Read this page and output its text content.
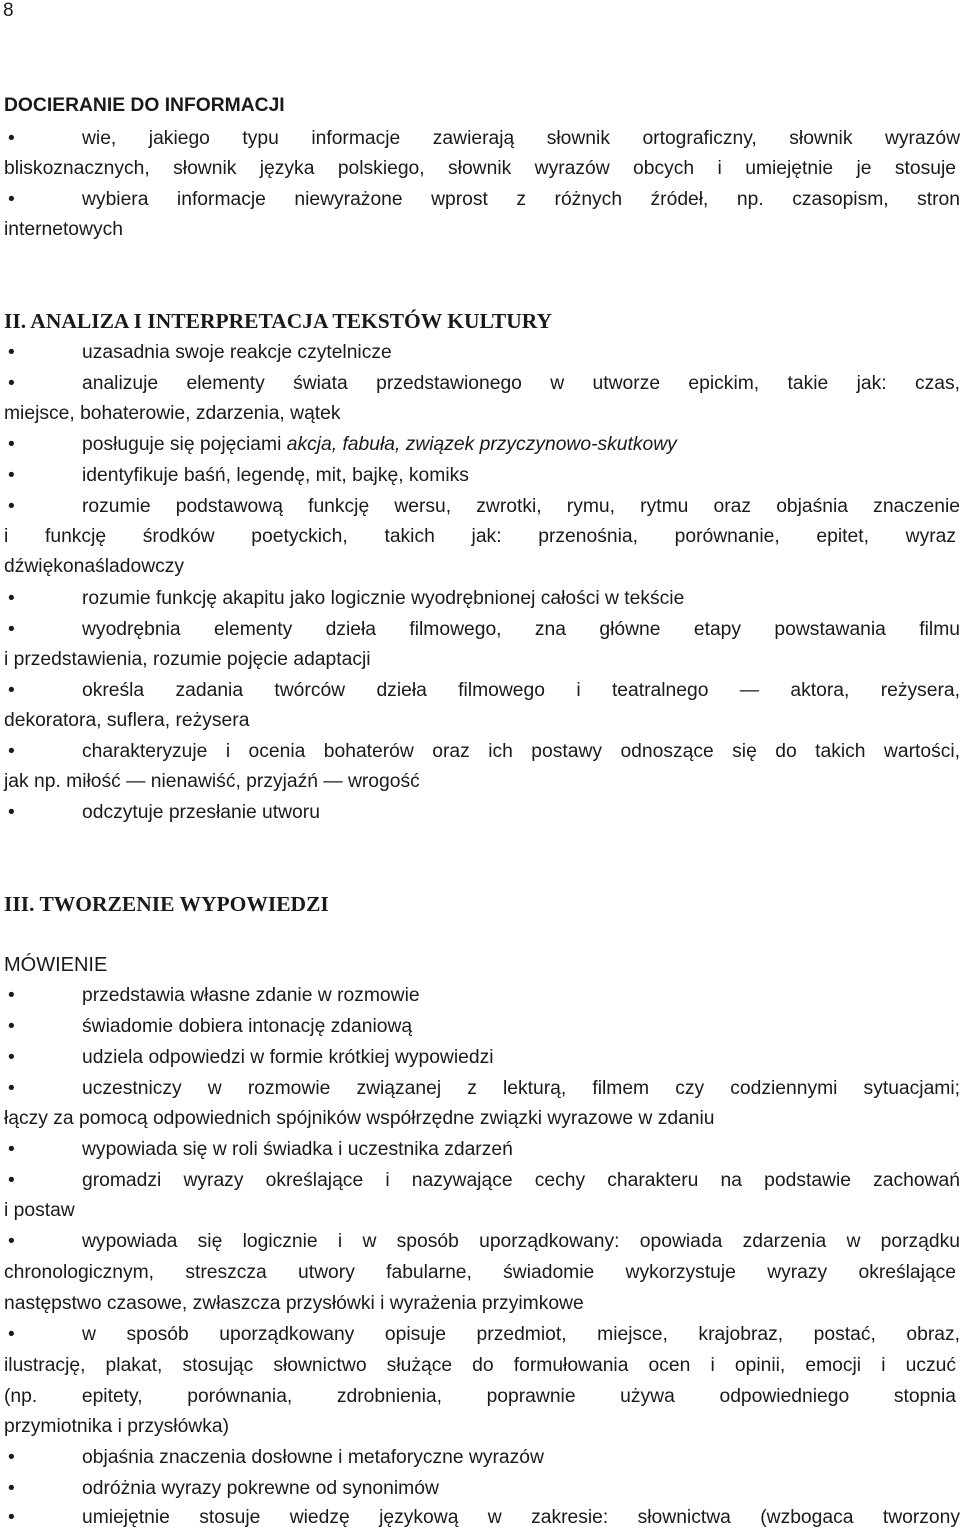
8
DOCIERANIE DO INFORMACJI
•	wie, jakiego typu informacje zawierają słownik ortograficzny, słownik wyrazów
bliskoznacznych, słownik języka polskiego, słownik wyrazów obcych i umiejętnie je stosuje
•	wybiera informacje niewyrażone wprost z różnych źródeł, np. czasopism, stron
internetowych
II. ANALIZA I INTERPRETACJA TEKSTÓW KULTURY
•	uzasadnia swoje reakcje czytelnicze
•	analizuje elementy świata przedstawionego w utworze epickim, takie jak: czas,
miejsce, bohaterowie, zdarzenia, wątek
•	posługuje się pojęciami akcja, fabuła, związek przyczynowo-skutkowy
•	identyfikuje baśń, legendę, mit, bajkę, komiks
•	rozumie podstawową funkcję wersu, zwrotki, rymu, rytmu oraz objaśnia znaczenie
i funkcję środków poetyckich, takich jak: przenośnia, porównanie, epitet, wyraz
dźwiękonaśladowczy
•	rozumie funkcję akapitu jako logicznie wyodrębnionej całości w tekście
•	wyodrębnia elementy dzieła filmowego, zna główne etapy powstawania filmu
i przedstawienia, rozumie pojęcie adaptacji
•	określa zadania twórców dzieła filmowego i teatralnego — aktora, reżysera,
dekoratora, suflera, reżysera
•	charakteryzuje i ocenia bohaterów oraz ich postawy odnoszące się do takich wartości,
jak np. miłość — nienawiść, przyjaźń — wrogość
•	odczytuje przesłanie utworu
III. TWORZENIE WYPOWIEDZI
MÓWIENIE
•	przedstawia własne zdanie w rozmowie
•	świadomie dobiera intonację zdaniową
•	udziela odpowiedzi w formie krótkiej wypowiedzi
•	uczestniczy w rozmowie związanej z lekturą, filmem czy codziennymi sytuacjami;
łączy za pomocą odpowiednich spójników współrzędne związki wyrazowe w zdaniu
•	wypowiada się w roli świadka i uczestnika zdarzeń
•	gromadzi wyrazy określające i nazywające cechy charakteru na podstawie zachowań
i postaw
•	wypowiada się logicznie i w sposób uporządkowany: opowiada zdarzenia w porządku
chronologicznym, streszcza utwory fabularne, świadomie wykorzystuje wyrazy określające
następstwo czasowe, zwłaszcza przysłówki i wyrażenia przyimkowe
•	w sposób uporządkowany opisuje przedmiot, miejsce, krajobraz, postać, obraz,
ilustrację, plakat, stosując słownictwo służące do formułowania ocen i opinii, emocji i uczuć
(np. epitety, porównania, zdrobnienia, poprawnie używa odpowiedniego stopnia
przymiotnika i przysłówka)
•	objaśnia znaczenia dosłowne i metaforyczne wyrazów
•	odróżnia wyrazy pokrewne od synonimów
•	umiejętnie stosuje wiedzę językową w zakresie: słownictwa (wzbogaca tworzony
